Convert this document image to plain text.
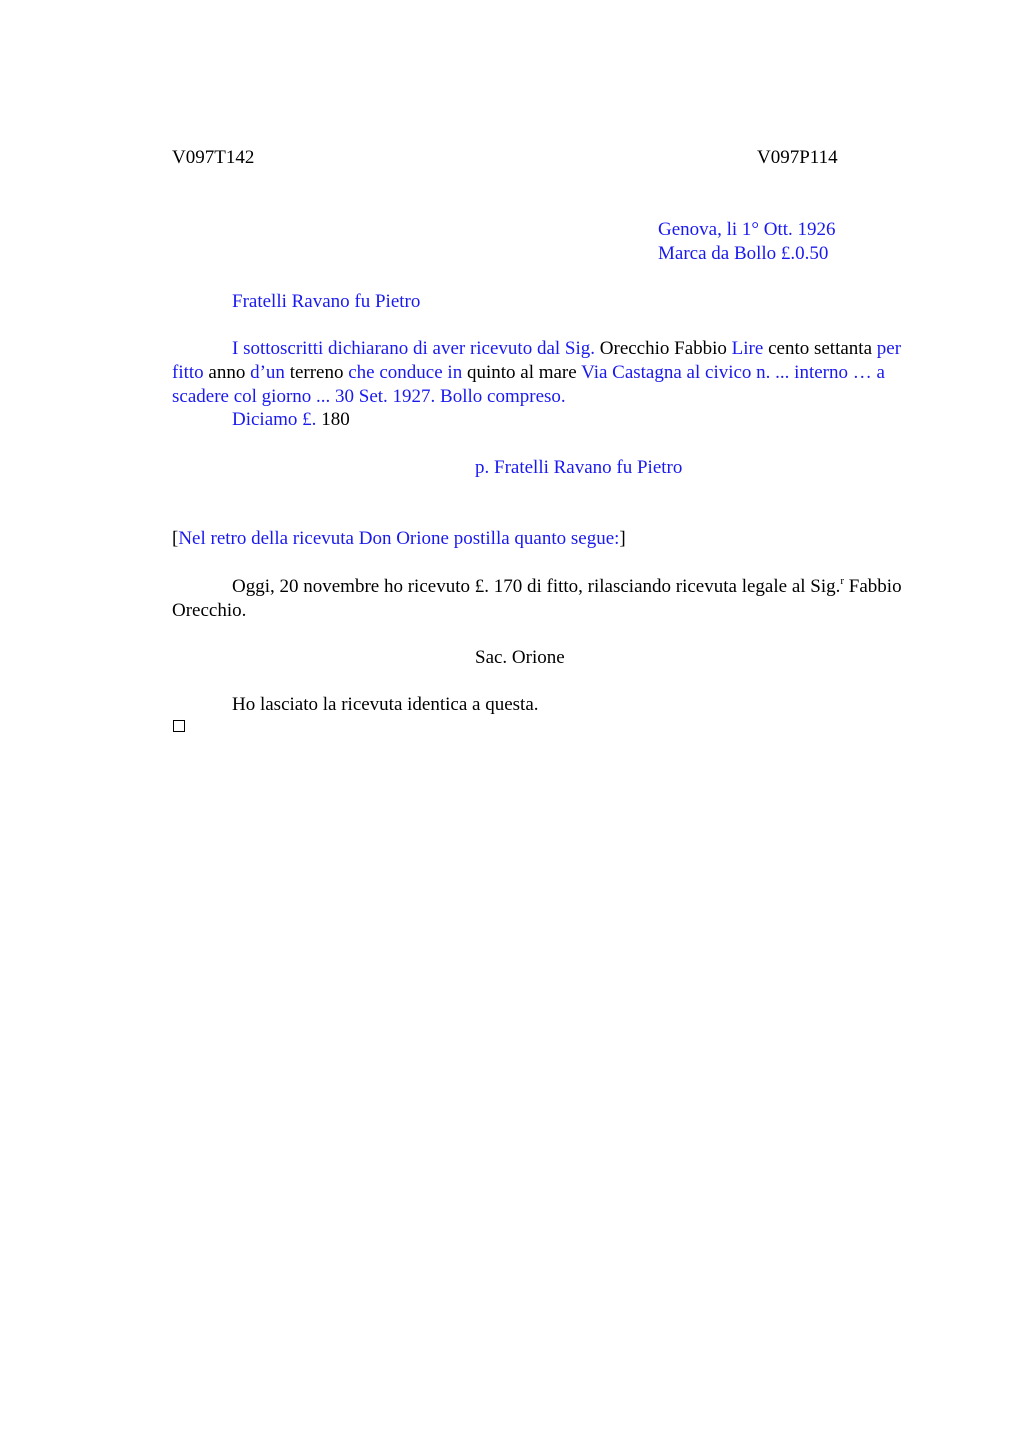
V097T142	V097P114
Genova, li 1° Ott. 1926
Marca da Bollo £.0.50
Fratelli Ravano fu Pietro
I sottoscritti dichiarano di aver ricevuto dal Sig. Orecchio Fabbio Lire cento settanta per fitto anno d’un terreno che conduce in quinto al mare Via Castagna al civico n. ... interno … a scadere col giorno ... 30 Set. 1927. Bollo compreso.
Diciamo £. 180
p. Fratelli Ravano fu Pietro
[Nel retro della ricevuta Don Orione postilla quanto segue:]
Oggi, 20 novembre ho ricevuto £. 170 di fitto, rilasciando ricevuta legale al Sig.$^r$ Fabbio Orecchio.
Sac. Orione
Ho lasciato la ricevuta identica a questa.
